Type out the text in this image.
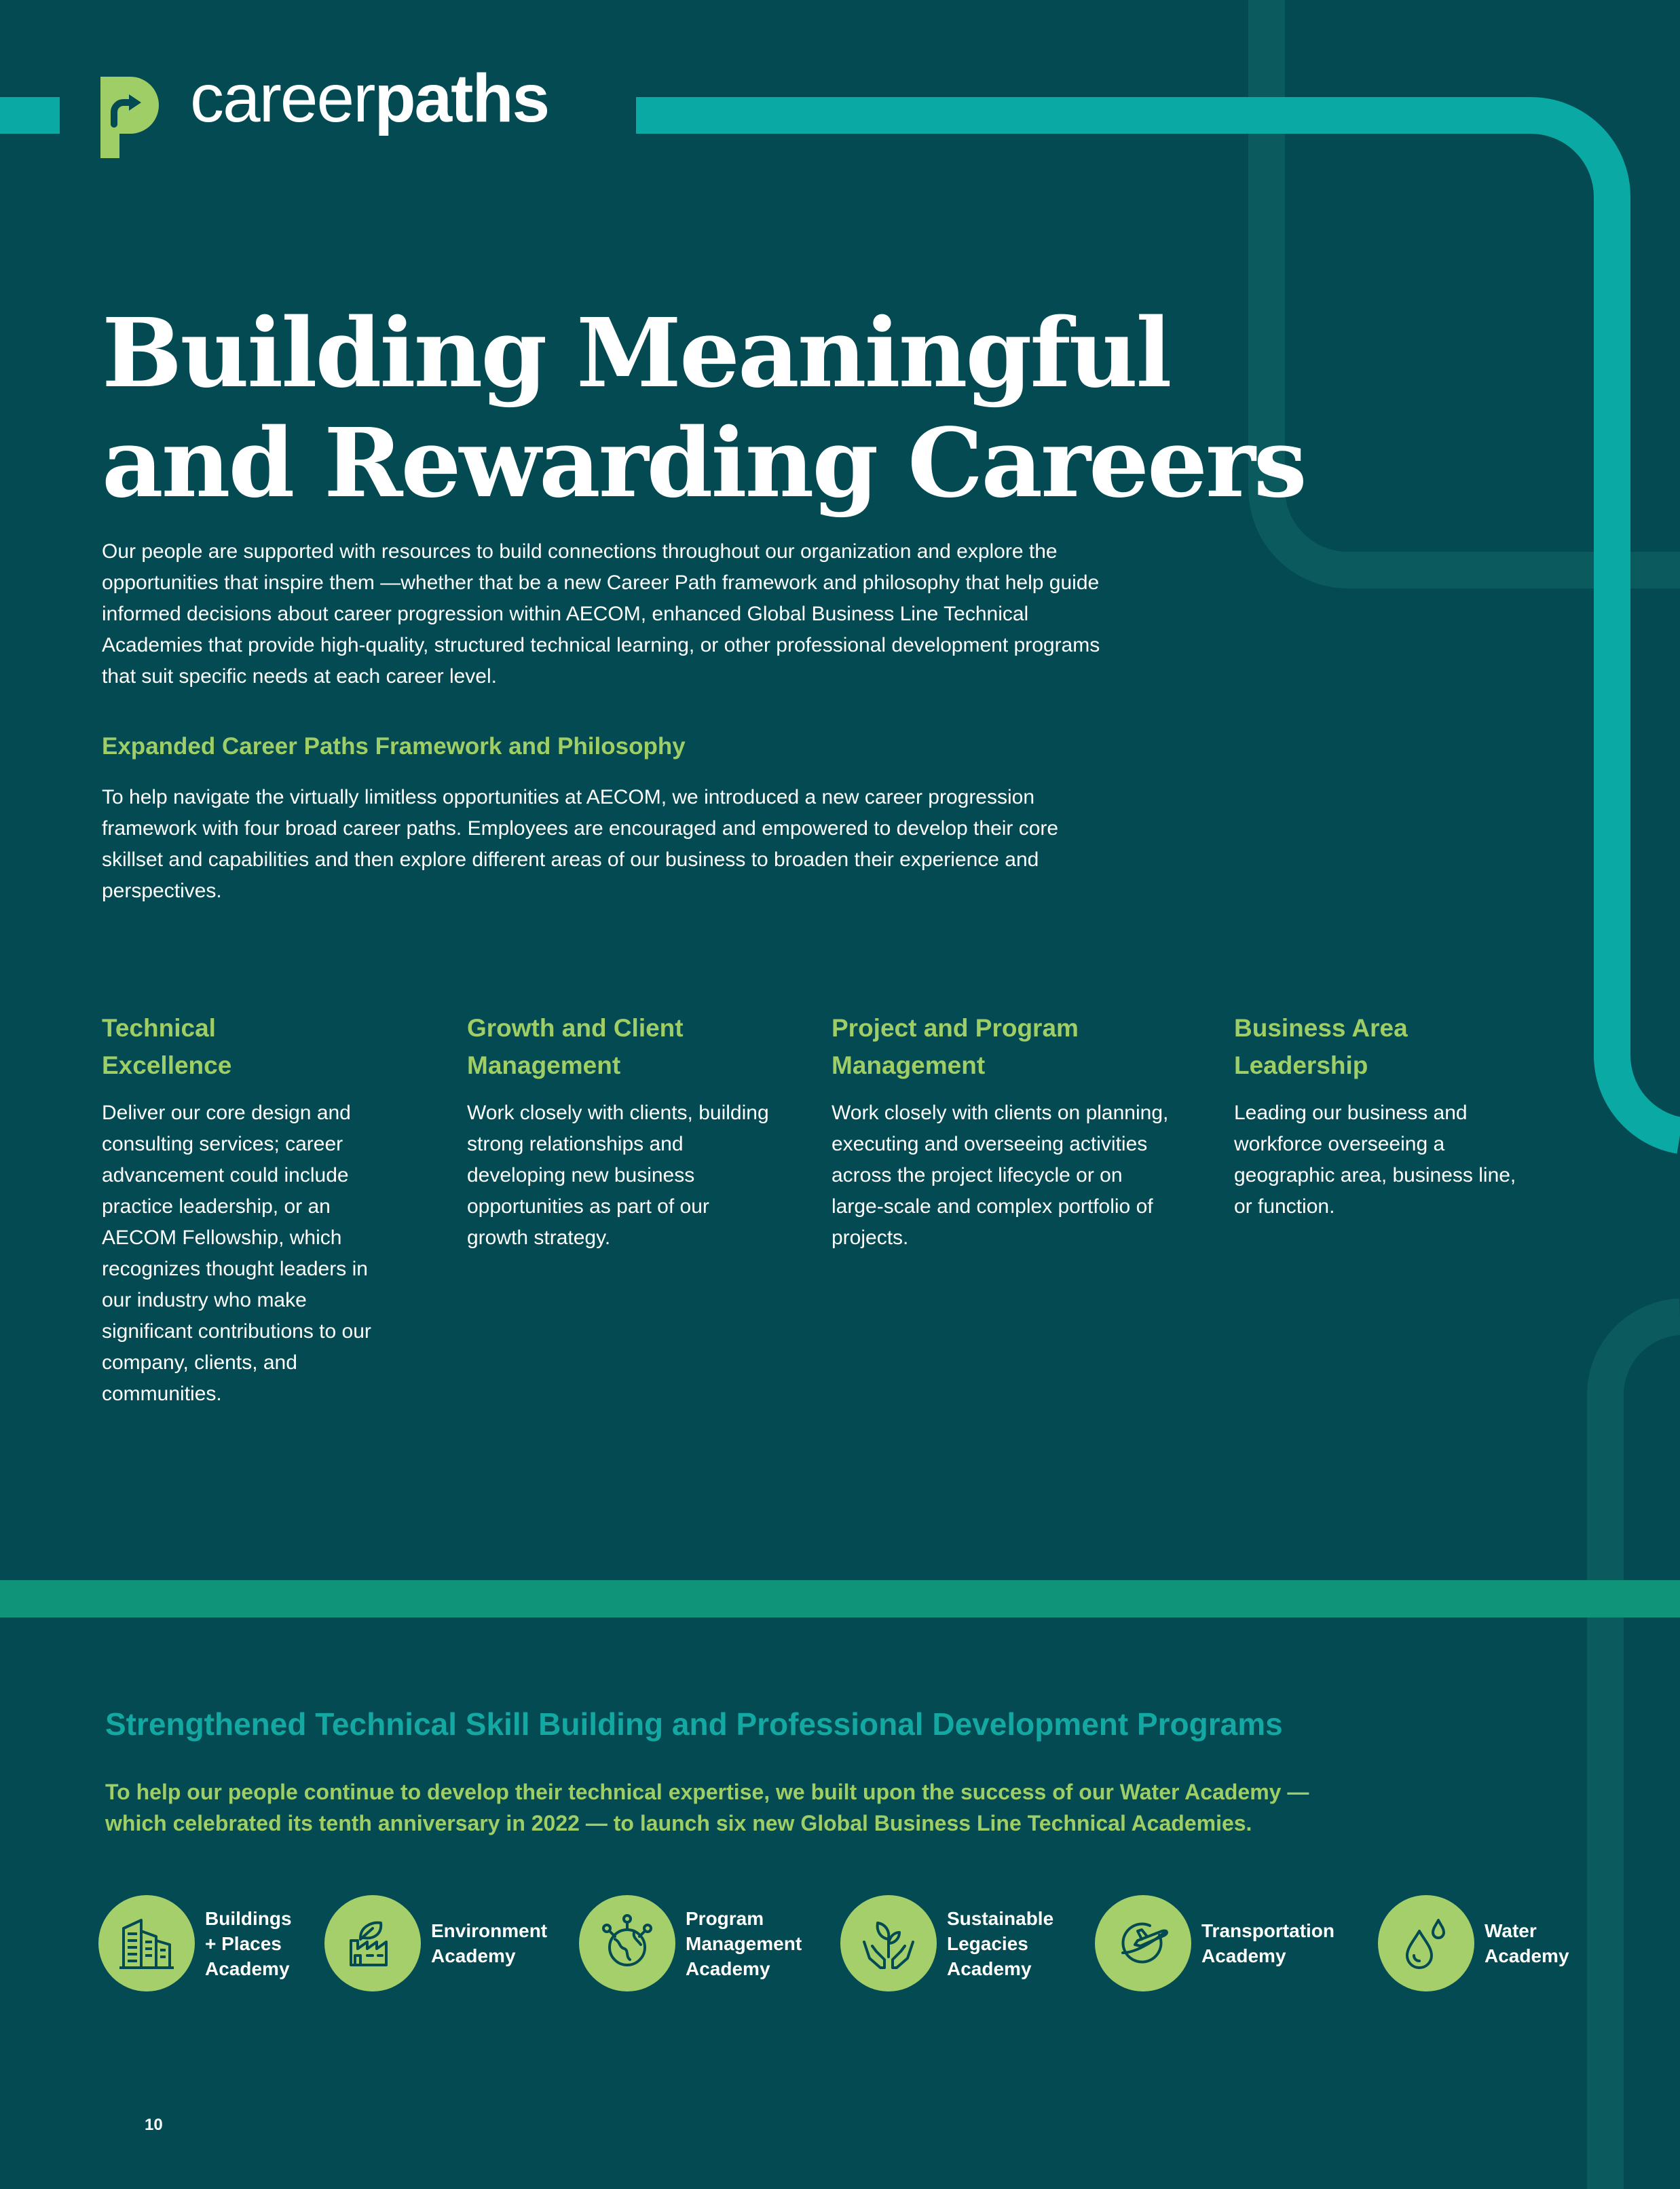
careerpaths
Building Meaningful
and Rewarding Careers
Our people are supported with resources to build connections throughout our organization and explore the opportunities that inspire them —whether that be a new Career Path framework and philosophy that help guide informed decisions about career progression within AECOM, enhanced Global Business Line Technical Academies that provide high-quality, structured technical learning, or other professional development programs that suit specific needs at each career level.
Expanded Career Paths Framework and Philosophy
To help navigate the virtually limitless opportunities at AECOM, we introduced a new career progression framework with four broad career paths. Employees are encouraged and empowered to develop their core skillset and capabilities and then explore different areas of our business to broaden their experience and perspectives.
Technical
Excellence

Deliver our core design and consulting services; career advancement could include practice leadership, or an AECOM Fellowship, which recognizes thought leaders in our industry who make significant contributions to our company, clients, and communities.

Growth and Client
Management

Work closely with clients, building strong relationships and developing new business opportunities as part of our growth strategy.

Project and Program
Management

Work closely with clients on planning, executing and overseeing activities across the project lifecycle or on large-scale and complex portfolio of projects.

Business Area
Leadership

Leading our business and workforce overseeing a geographic area, business line, or function.

Strengthened Technical Skill Building and Professional Development Programs
To help our people continue to develop their technical expertise, we built upon the success of our Water Academy —
which celebrated its tenth anniversary in 2022 — to launch six new Global Business Line Technical Academies.
Buildings
+ Places
Academy
Environment
Academy
Program
Management
Academy
Sustainable
Legacies
Academy
Transportation
Academy
Water
Academy
10
